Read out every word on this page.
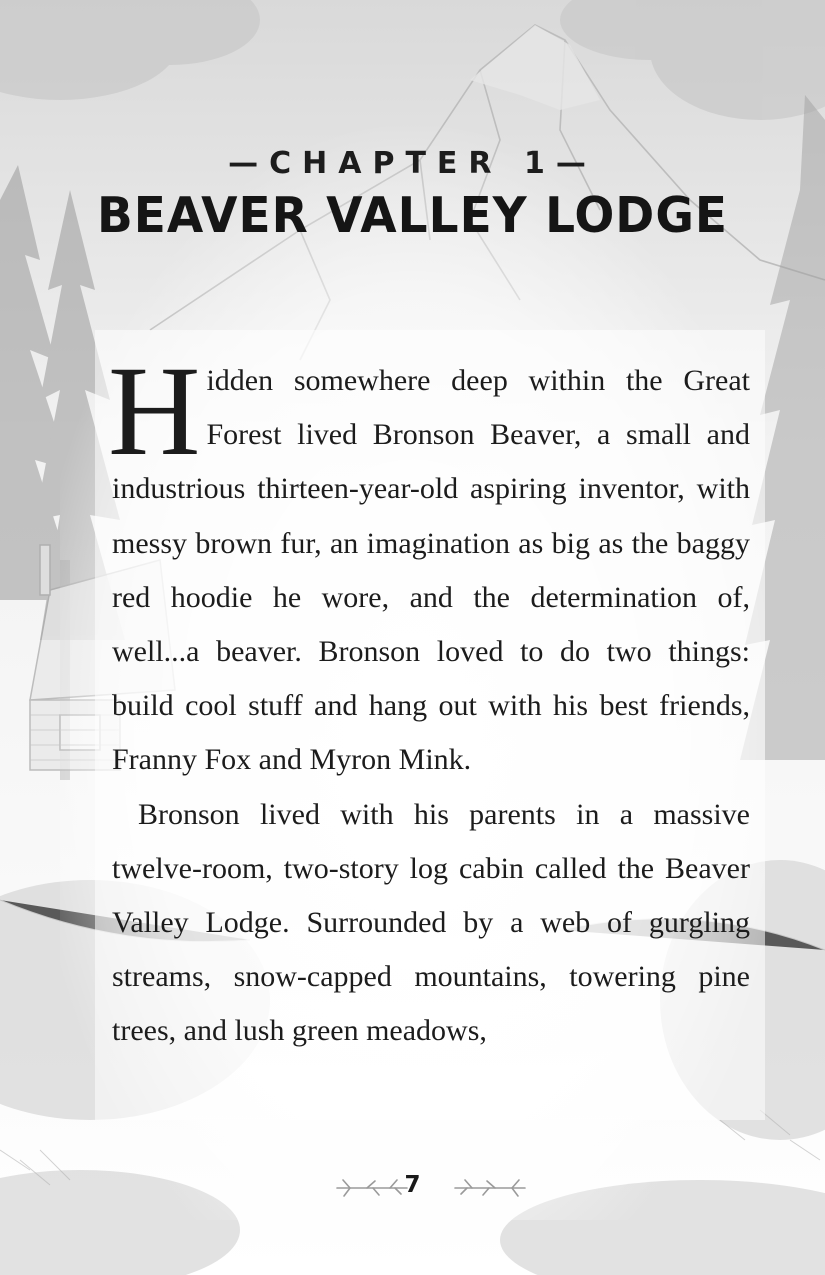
—CHAPTER 1—
BEAVER VALLEY LODGE

Hidden somewhere deep within the Great Forest lived Bronson Beaver, a small and industrious thirteen-year-old aspiring inventor, with messy brown fur, an imagination as big as the baggy red hoodie he wore, and the determination of, well...a beaver. Bronson loved to do two things: build cool stuff and hang out with his best friends, Franny Fox and Myron Mink.

Bronson lived with his parents in a massive twelve-room, two-story log cabin called the Beaver Valley Lodge. Surrounded by a web of gurgling streams, snow-capped mountains, towering pine trees, and lush green meadows,

7
